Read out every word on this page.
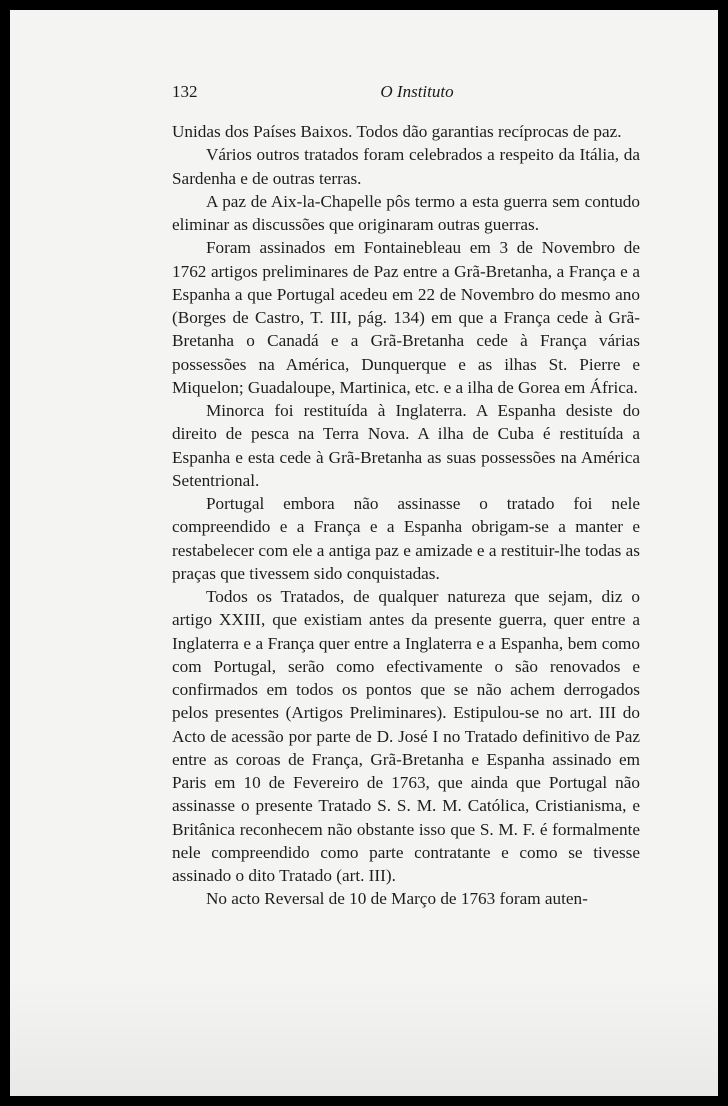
132	O Instituto

Unidas dos Países Baixos. Todos dão garantias recíprocas de paz.

Vários outros tratados foram celebrados a respeito da Itália, da Sardenha e de outras terras.

A paz de Aix-la-Chapelle pôs termo a esta guerra sem contudo eliminar as discussões que originaram outras guerras.

Foram assinados em Fontainebleau em 3 de Novembro de 1762 artigos preliminares de Paz entre a Grã-Bretanha, a França e a Espanha a que Portugal acedeu em 22 de Novembro do mesmo ano (Borges de Castro, T. III, pág. 134) em que a França cede à Grã-Bretanha o Canadá e a Grã-Bretanha cede à França várias possessões na América, Dunquerque e as ilhas St. Pierre e Miquelon; Guadaloupe, Martinica, etc. e a ilha de Gorea em África.

Minorca foi restituída à Inglaterra. A Espanha desiste do direito de pesca na Terra Nova. A ilha de Cuba é restituída a Espanha e esta cede à Grã-Bretanha as suas possessões na América Setentrional.

Portugal embora não assinasse o tratado foi nele compreendido e a França e a Espanha obrigam-se a manter e restabelecer com ele a antiga paz e amizade e a restituir-lhe todas as praças que tivessem sido conquistadas.

Todos os Tratados, de qualquer natureza que sejam, diz o artigo XXIII, que existiam antes da presente guerra, quer entre a Inglaterra e a França quer entre a Inglaterra e a Espanha, bem como com Portugal, serão como efectivamente o são renovados e confirmados em todos os pontos que se não achem derrogados pelos presentes (Artigos Preliminares). Estipulou-se no art. III do Acto de acessão por parte de D. José I no Tratado definitivo de Paz entre as coroas de França, Grã-Bretanha e Espanha assinado em Paris em 10 de Fevereiro de 1763, que ainda que Portugal não assinasse o presente Tratado S. S. M. M. Católica, Cristianisma, e Britânica reconhecem não obstante isso que S. M. F. é formalmente nele compreendido como parte contratante e como se tivesse assinado o dito Tratado (art. III).

No acto Reversal de 10 de Março de 1763 foram auten-
